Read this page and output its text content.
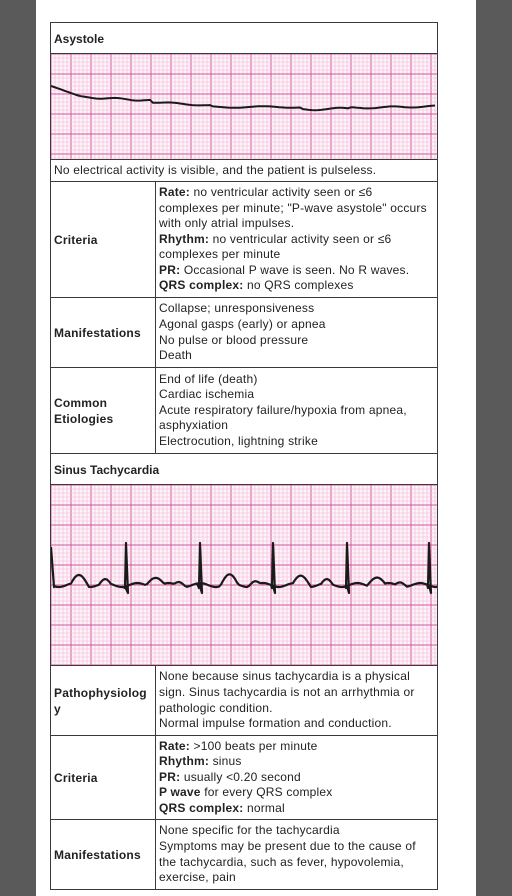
Asystole	

No electrical activity is visible, and the patient is pulseless.	
Criteria	Rate: no ventricular activity seen or ≤6 complexes per minute; "P-wave asystole" occurs with only atrial impulses.
Rhythm: no ventricular activity seen or ≤6 complexes per minute
PR: Occasional P wave is seen. No R waves.
QRS complex: no QRS complexes

Manifestations	Collapse; unresponsiveness
Agonal gasps (early) or apnea
No pulse or blood pressure
Death

Common Etiologies	End of life (death)
Cardiac ischemia
Acute respiratory failure/hypoxia from apnea, asphyxiation
Electrocution, lightning strike

Sinus Tachycardia	

Pathophysiology	None because sinus tachycardia is a physical sign. Sinus tachycardia is not an arrhythmia or pathologic condition.
Normal impulse formation and conduction.

Criteria	Rate: >100 beats per minute
Rhythm: sinus
PR: usually <0.20 second
P wave for every QRS complex
QRS complex: normal

Manifestations	None specific for the tachycardia
Symptoms may be present due to the cause of the tachycardia, such as fever, hypovolemia, exercise, pain
